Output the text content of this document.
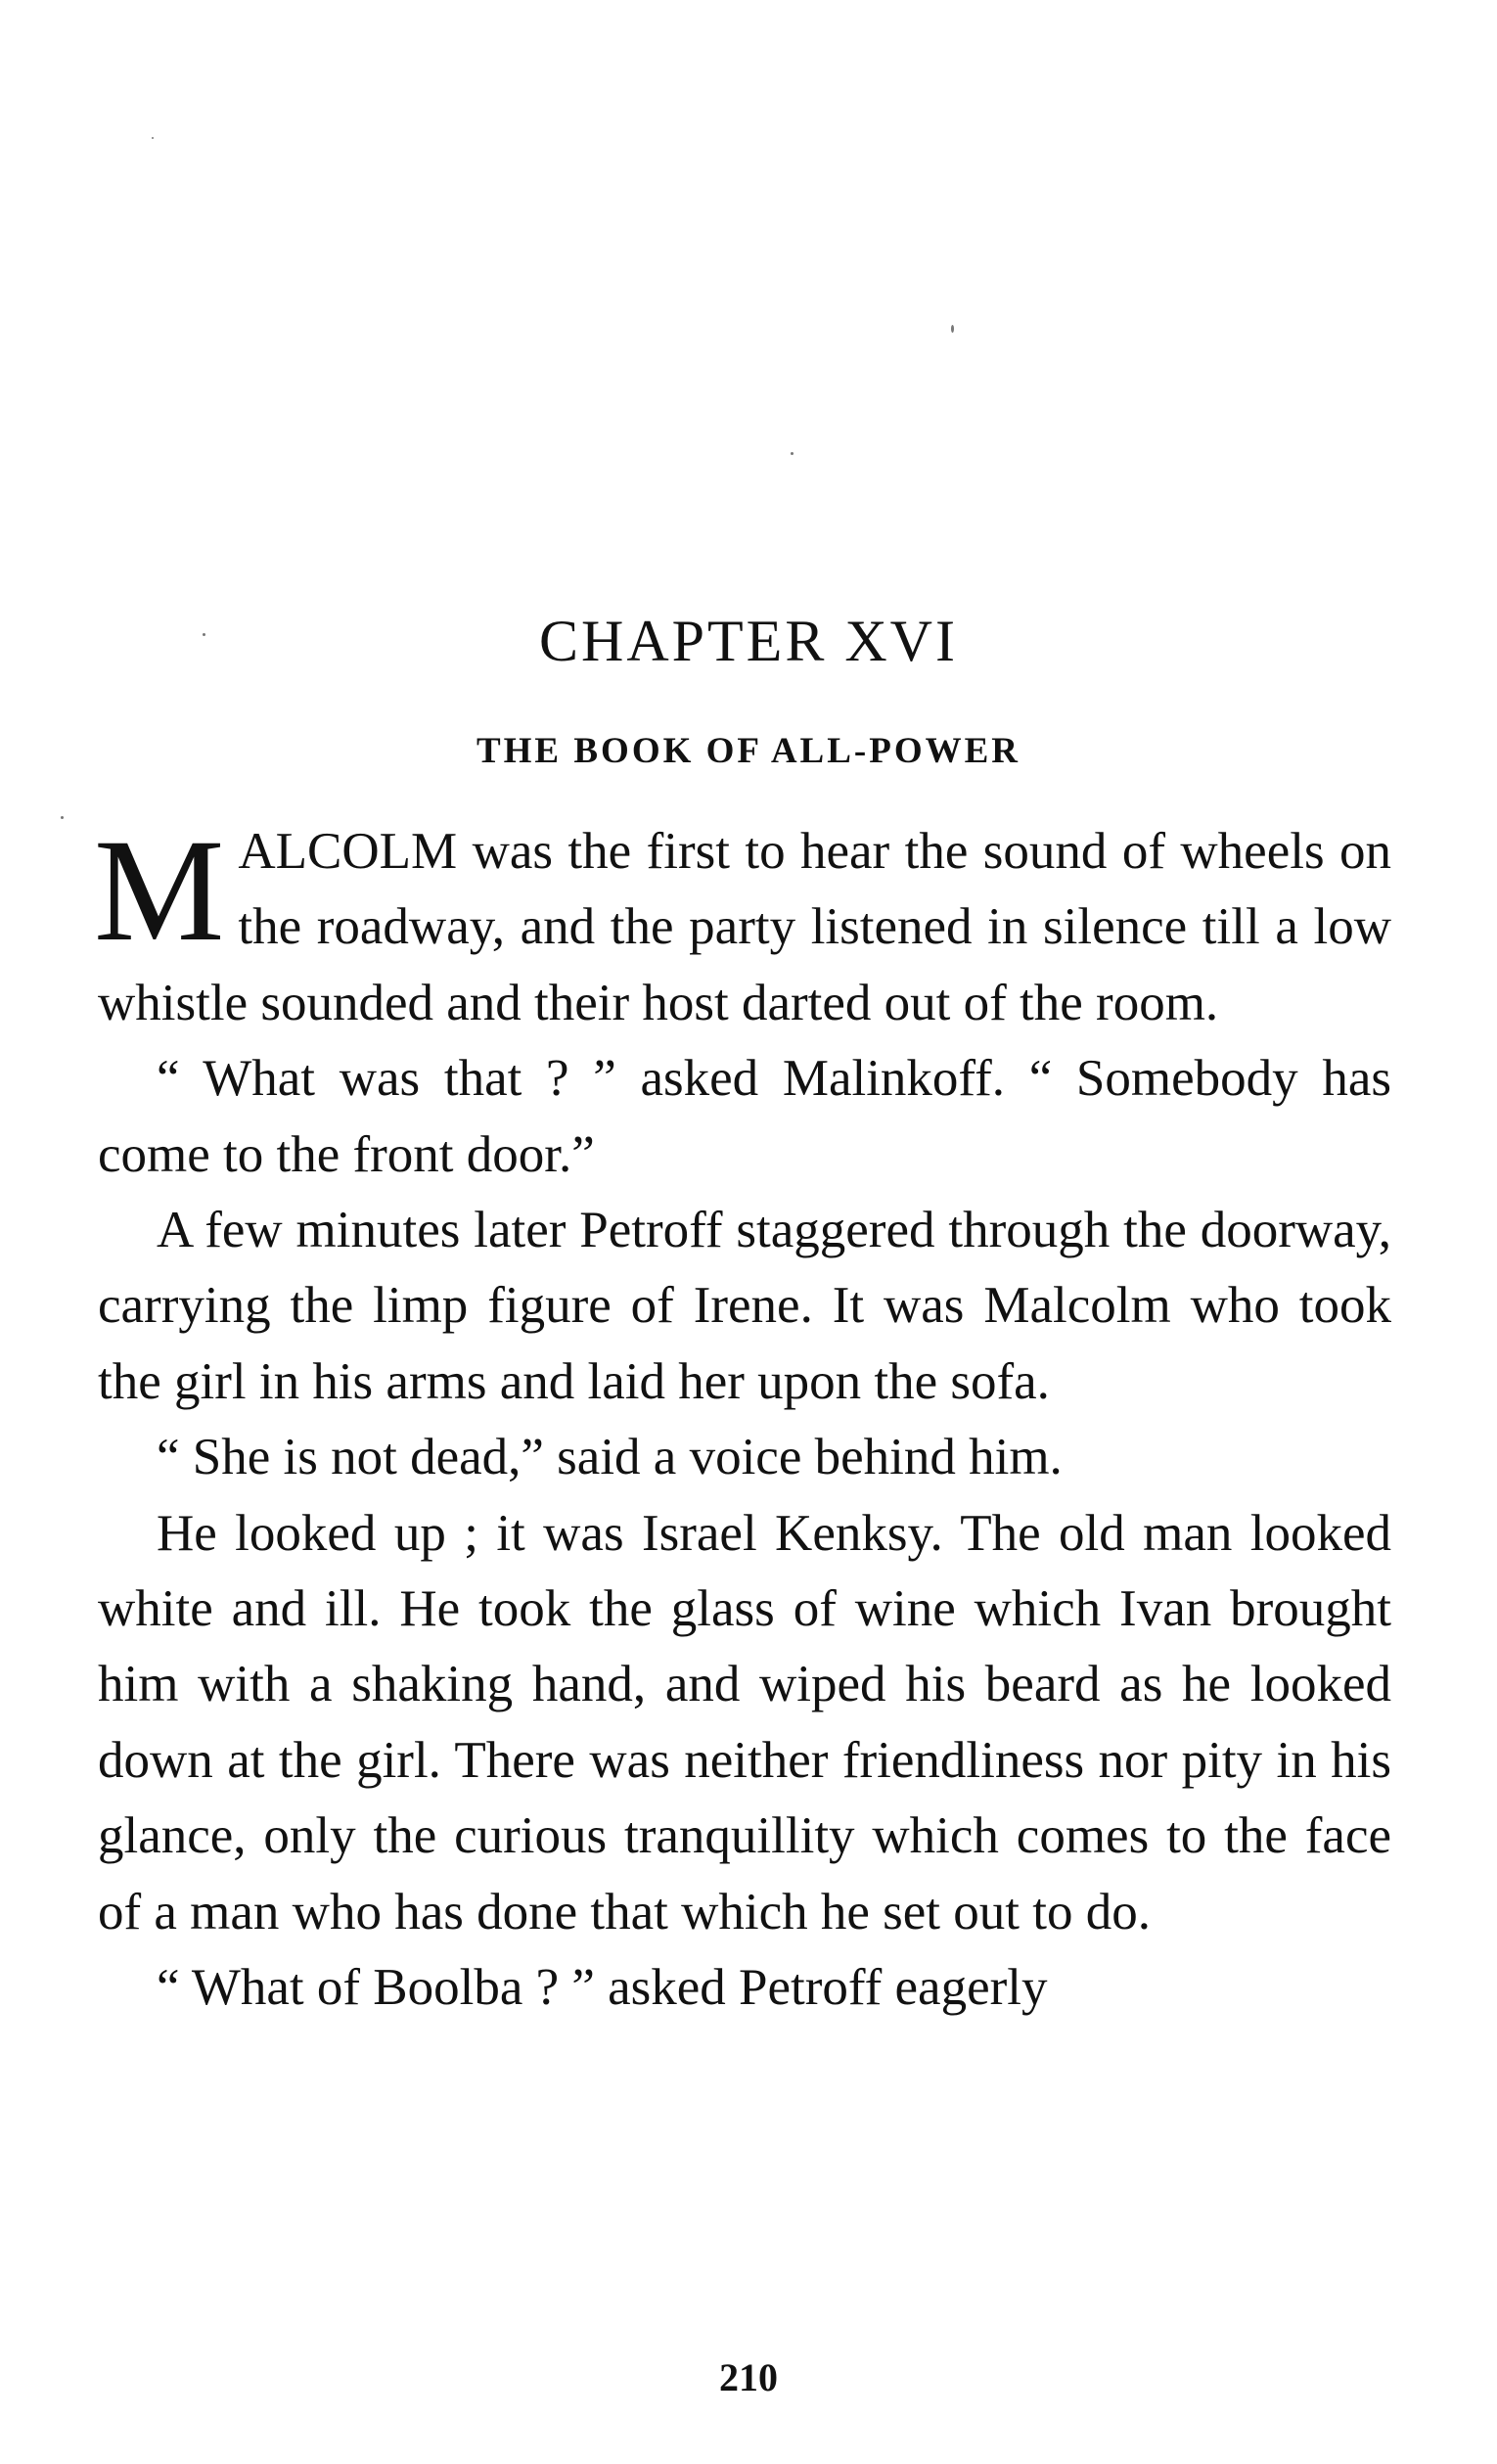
CHAPTER XVI
THE BOOK OF ALL-POWER

MALCOLM was the first to hear the sound of wheels on the roadway, and the party listened in silence till a low whistle sounded and their host darted out of the room.

“ What was that ? ” asked Malinkoff. “ Somebody has come to the front door.”

A few minutes later Petroff staggered through the doorway, carrying the limp figure of Irene. It was Malcolm who took the girl in his arms and laid her upon the sofa.

“ She is not dead,” said a voice behind him.

He looked up ; it was Israel Kenksy. The old man looked white and ill. He took the glass of wine which Ivan brought him with a shaking hand, and wiped his beard as he looked down at the girl. There was neither friendliness nor pity in his glance, only the curious tranquillity which comes to the face of a man who has done that which he set out to do.

“ What of Boolba ? ” asked Petroff eagerly

210
